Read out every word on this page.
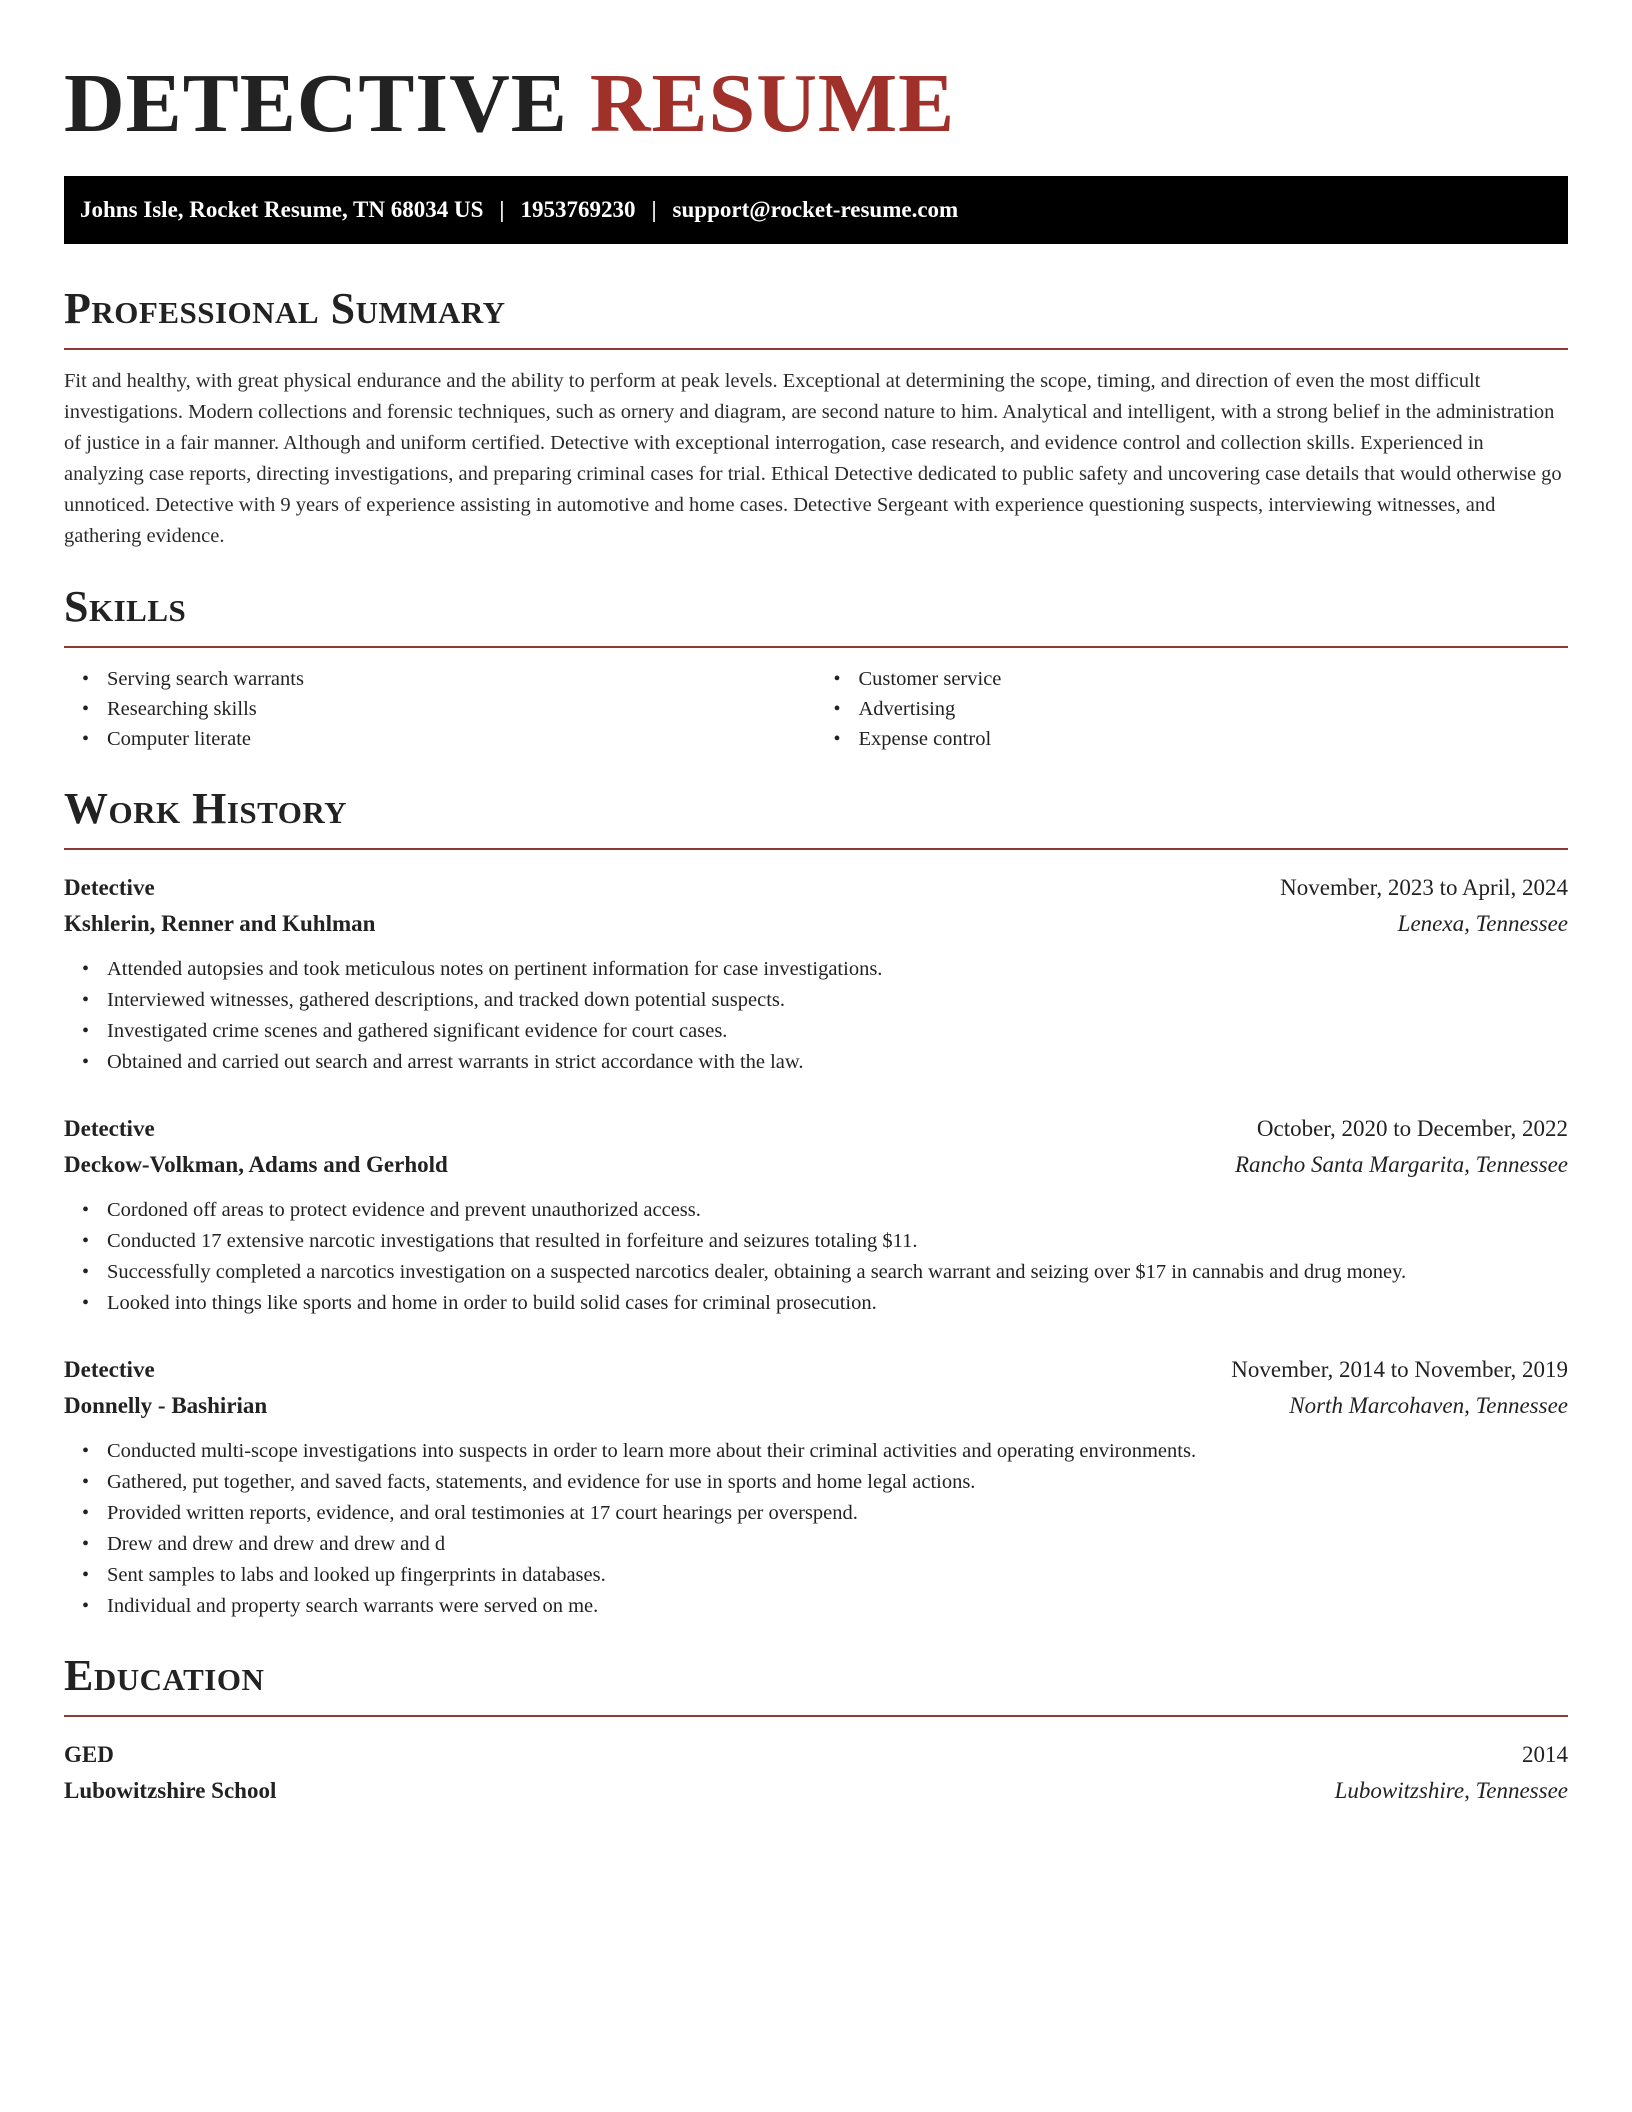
DETECTIVE RESUME
Johns Isle, Rocket Resume, TN 68034 US | 1953769230 | support@rocket-resume.com
Professional Summary

Fit and healthy, with great physical endurance and the ability to perform at peak levels. Exceptional at determining the scope, timing, and direction of even the most difficult investigations. Modern collections and forensic techniques, such as ornery and diagram, are second nature to him. Analytical and intelligent, with a strong belief in the administration of justice in a fair manner. Although and uniform certified. Detective with exceptional interrogation, case research, and evidence control and collection skills. Experienced in analyzing case reports, directing investigations, and preparing criminal cases for trial. Ethical Detective dedicated to public safety and uncovering case details that would otherwise go unnoticed. Detective with 9 years of experience assisting in automotive and home cases. Detective Sergeant with experience questioning suspects, interviewing witnesses, and gathering evidence.

Skills
• Serving search warrants
• Researching skills
• Computer literate
• Customer service
• Advertising
• Expense control
Work History
Detective	November, 2023 to April, 2024
Kshlerin, Renner and Kuhlman	Lenexa, Tennessee
• Attended autopsies and took meticulous notes on pertinent information for case investigations.
• Interviewed witnesses, gathered descriptions, and tracked down potential suspects.
• Investigated crime scenes and gathered significant evidence for court cases.
• Obtained and carried out search and arrest warrants in strict accordance with the law.
Detective	October, 2020 to December, 2022
Deckow-Volkman, Adams and Gerhold	Rancho Santa Margarita, Tennessee
• Cordoned off areas to protect evidence and prevent unauthorized access.
• Conducted 17 extensive narcotic investigations that resulted in forfeiture and seizures totaling $11.
• Successfully completed a narcotics investigation on a suspected narcotics dealer, obtaining a search warrant and seizing over $17 in cannabis and drug money.
• Looked into things like sports and home in order to build solid cases for criminal prosecution.
Detective	November, 2014 to November, 2019
Donnelly - Bashirian	North Marcohaven, Tennessee
• Conducted multi-scope investigations into suspects in order to learn more about their criminal activities and operating environments.
• Gathered, put together, and saved facts, statements, and evidence for use in sports and home legal actions.
• Provided written reports, evidence, and oral testimonies at 17 court hearings per overspend.
• Drew and drew and drew and drew and d
• Sent samples to labs and looked up fingerprints in databases.
• Individual and property search warrants were served on me.
Education
GED	2014
Lubowitzshire School	Lubowitzshire, Tennessee
